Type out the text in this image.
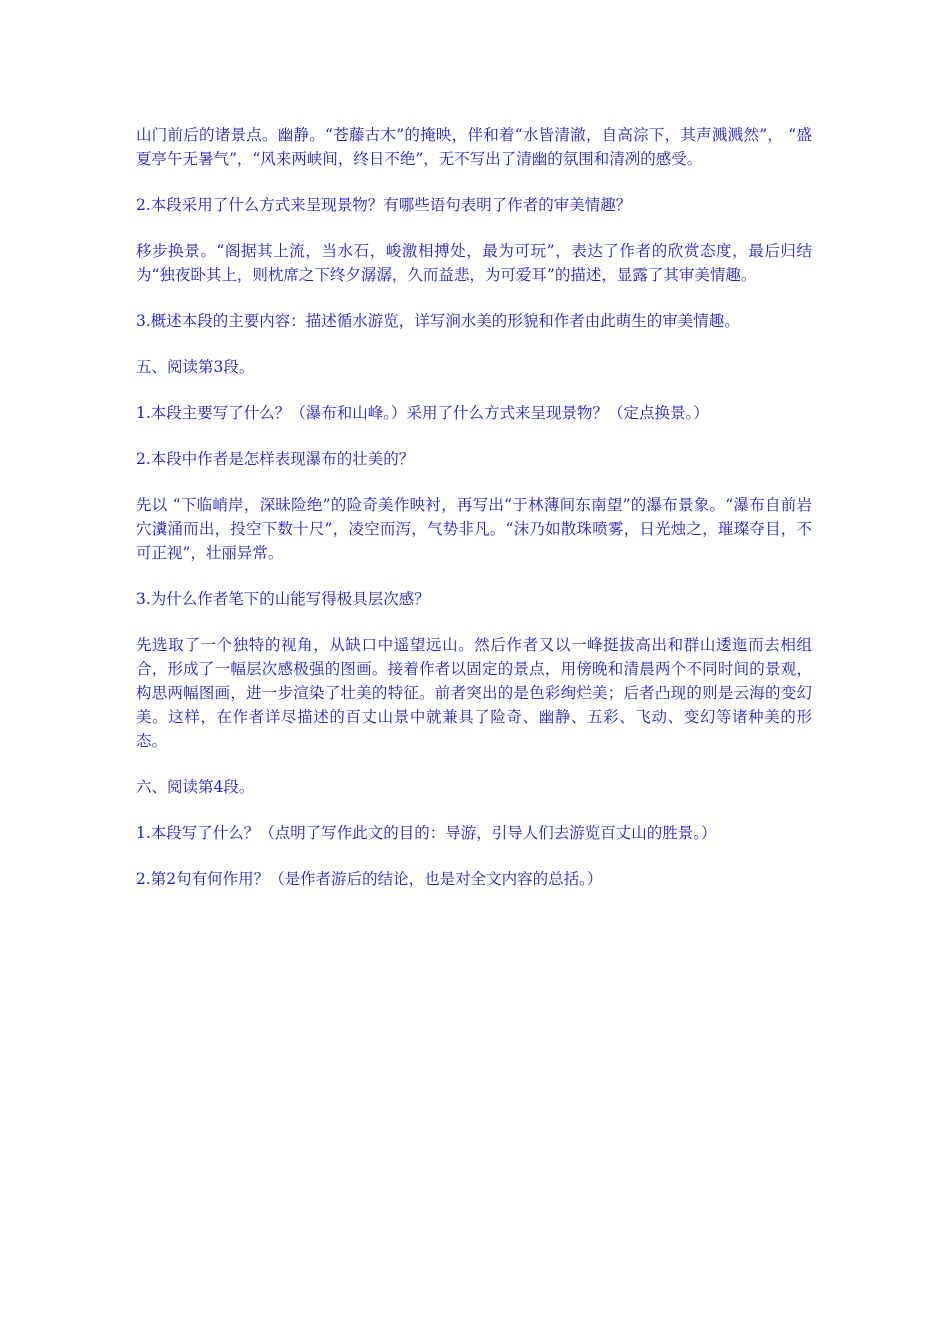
山门前后的诸景点。幽静。“苍藤古木”的掩映，伴和着“水皆清澈，自高淙下，其声溅溅然”， “盛夏亭午无暑气”，“风来两峡间，终日不绝”，无不写出了清幽的氛围和清冽的感受。

2.本段采用了什么方式来呈现景物？有哪些语句表明了作者的审美情趣？

移步换景。“阁据其上流，当水石，峻激相搏处，最为可玩”，表达了作者的欣赏态度，最后归结为“独夜卧其上，则枕席之下终夕潺潺，久而益悲，为可爱耳”的描述，显露了其审美情趣。

3.概述本段的主要内容：描述循水游览，详写涧水美的形貌和作者由此萌生的审美情趣。

五、阅读第3段。

1.本段主要写了什么？（瀑布和山峰。）采用了什么方式来呈现景物？（定点换景。）

2.本段中作者是怎样表现瀑布的壮美的？

先以 “下临峭岸，深昧险绝”的险奇美作映衬，再写出“于林薄间东南望”的瀑布景象。“瀑布自前岩穴瀵涌而出，投空下数十尺”，凌空而泻，气势非凡。“沫乃如散珠喷雾，日光烛之，璀璨夺目，不可正视”，壮丽异常。

3.为什么作者笔下的山能写得极具层次感？

先选取了一个独特的视角，从缺口中遥望远山。然后作者又以一峰挺拔高出和群山逶迤而去相组合，形成了一幅层次感极强的图画。接着作者以固定的景点，用傍晚和清晨两个不同时间的景观，构思两幅图画，进一步渲染了壮美的特征。前者突出的是色彩绚烂美；后者凸现的则是云海的变幻美。这样，在作者详尽描述的百丈山景中就兼具了险奇、幽静、五彩、飞动、变幻等诸种美的形态。

六、阅读第4段。

1.本段写了什么？（点明了写作此文的目的：导游，引导人们去游览百丈山的胜景。）

2.第2句有何作用？（是作者游后的结论，也是对全文内容的总括。）
